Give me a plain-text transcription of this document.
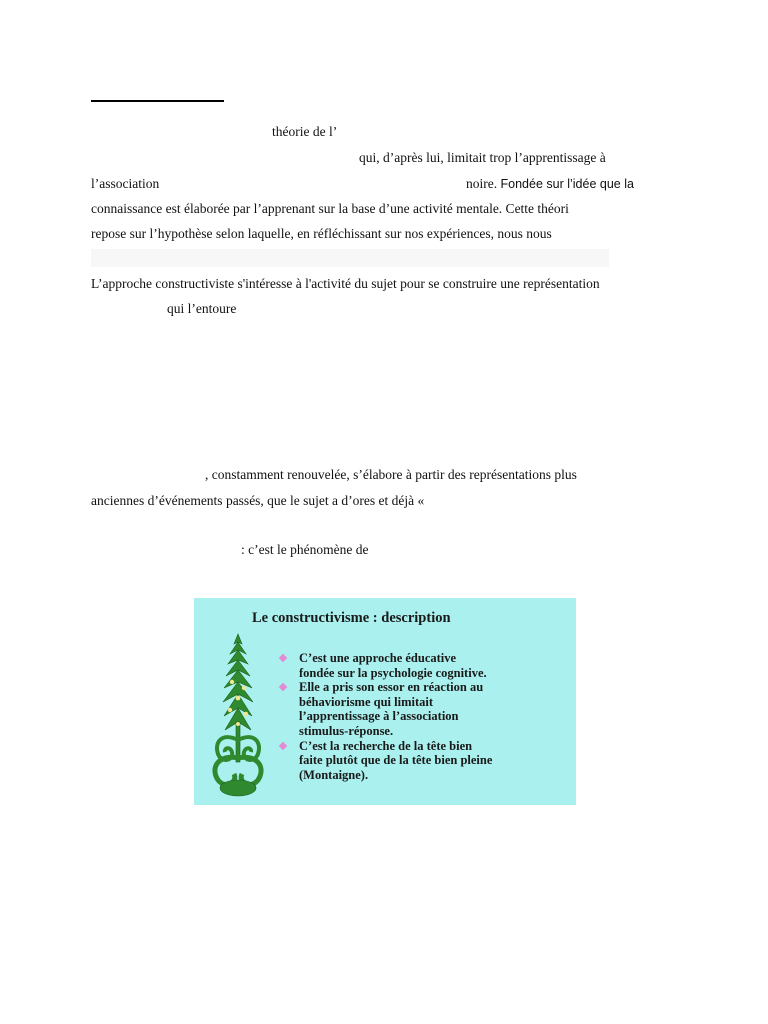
théorie de l’
qui, d’après lui, limitait trop l’apprentissage à
l’association	noire. Fondée sur l’idée que la
connaissance est élaborée par l’apprenant sur la base d’une activité mentale. Cette théori
repose sur l’hypothèse selon laquelle, en réfléchissant sur nos expériences, nous nous
L’approche constructiviste s'intéresse à l'activité du sujet pour se construire une représentation
qui l’entoure
, constamment renouvelée, s’élabore à partir des représentations plus
anciennes d’événements passés, que le sujet a d’ores et déjà «
: c’est le phénomène de
Le constructivisme : description
C’est une approche éducative
fondée sur la psychologie cognitive.
Elle a pris son essor en réaction au
béhaviorisme qui limitait
l’apprentissage à l’association
stimulus-réponse.
C’est la recherche de la tête bien
faite plutôt que de la tête bien pleine
(Montaigne).
